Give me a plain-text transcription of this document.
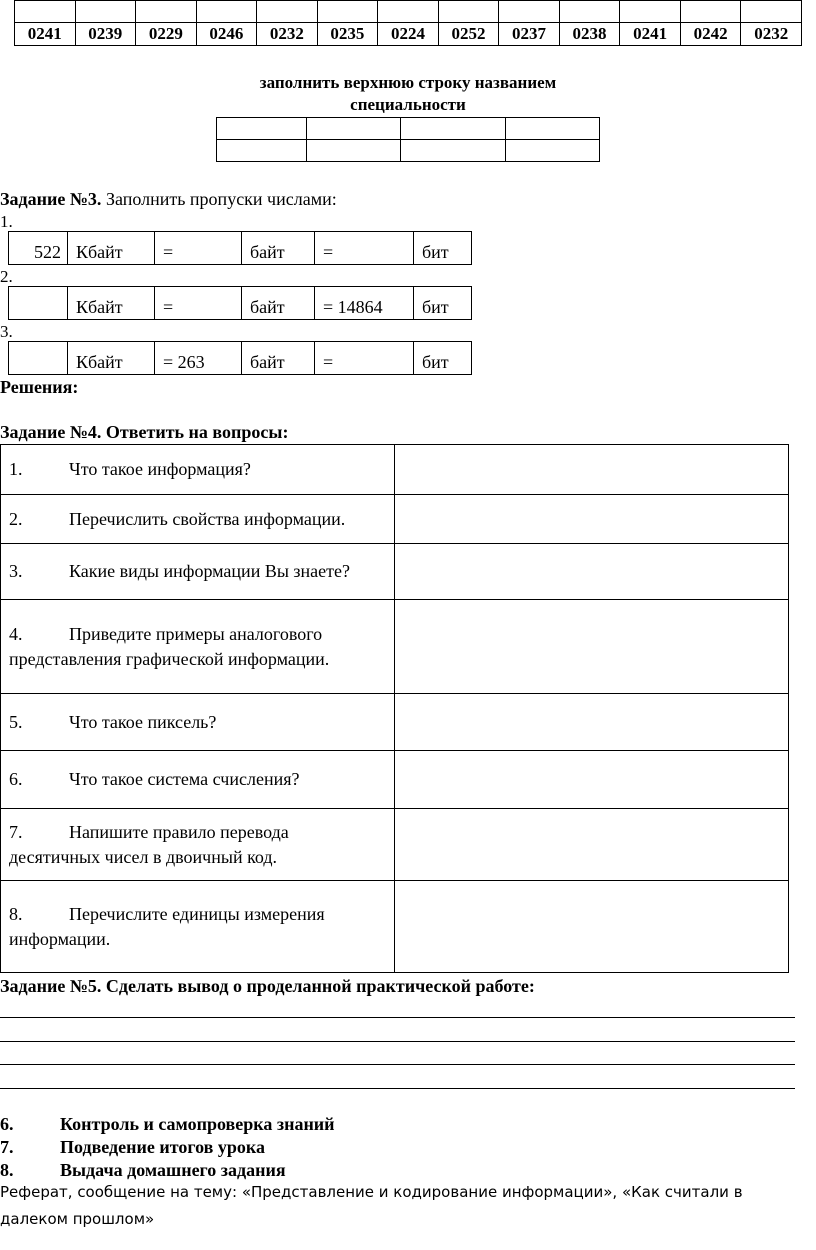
0241	0239	0229	0246	0232	0235	0224	0252	0237	0238	0241	0242	0232
заполнить верхнюю строку названием
специальности

Задание №3. Заполнить пропуски числами:
1.
522	Кбайт	=	байт	=	бит
2.
	Кбайт	=	байт	= 14864	бит
3.
	Кбайт	= 263	байт	=	бит
Решения:
Задание №4. Ответить на вопросы:
1. Что такое информация?	
2. Перечислить свойства информации.	
3. Какие виды информации Вы знаете?	
4. Приведите примеры аналогового
представления графической информации.	
5. Что такое пиксель?	
6. Что такое система счисления?	
7. Напишите правило перевода
десятичных чисел в двоичный код.	
8. Перечислите единицы измерения
информации.	
Задание №5. Сделать вывод о проделанной практической работе:
6.	Контроль и самопроверка знаний
7.	Подведение итогов урока
8.	Выдача домашнего задания
Реферат, сообщение на тему: «Представление и кодирование информации», «Как считали в далеком прошлом»
